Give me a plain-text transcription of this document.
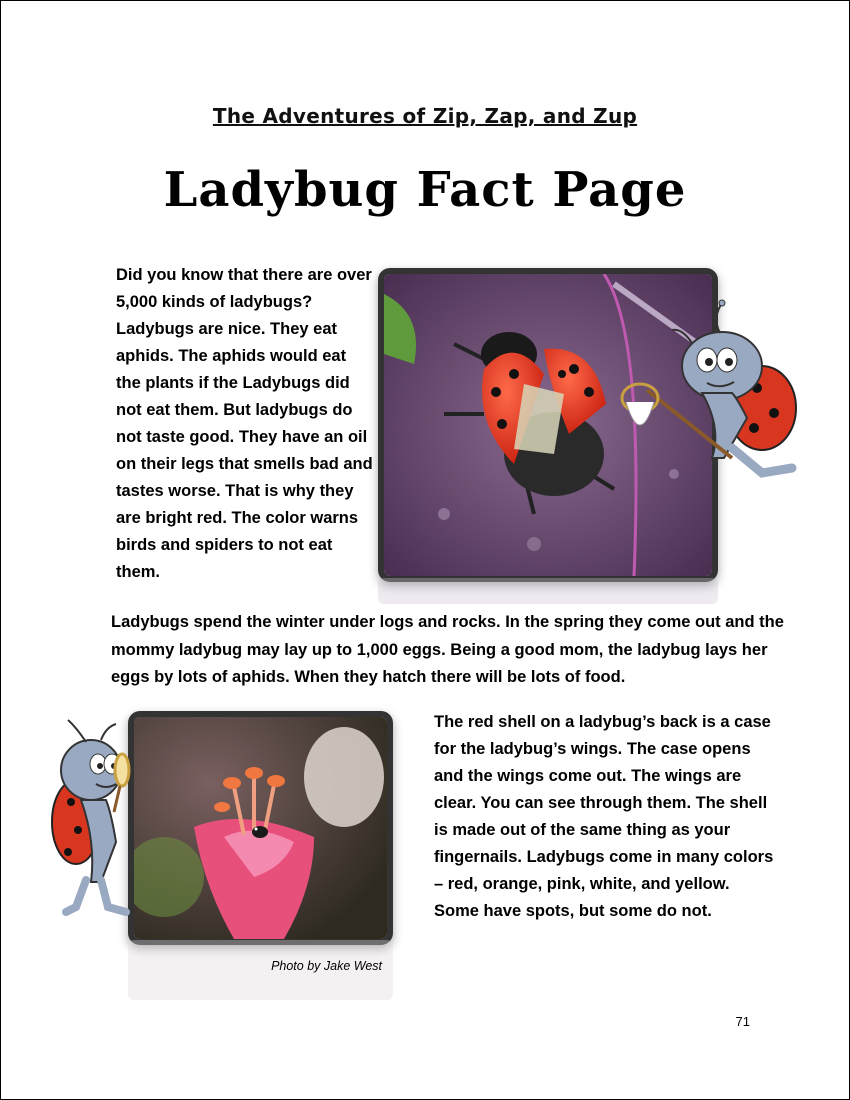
The Adventures of Zip, Zap, and Zup
Ladybug Fact Page
Did you know that there are over 5,000 kinds of ladybugs? Ladybugs are nice. They eat aphids. The aphids would eat the plants if the Ladybugs did not eat them. But ladybugs do not taste good. They have an oil on their legs that smells bad and tastes worse. That is why they are bright red. The color warns birds and spiders to not eat them.
Ladybugs spend the winter under logs and rocks. In the spring they come out and the mommy ladybug may lay up to 1,000 eggs. Being a good mom, the ladybug lays her eggs by lots of aphids. When they hatch there will be lots of food.
Photo by Jake West
The red shell on a ladybug’s back is a case for the ladybug’s wings. The case opens and the wings come out. The wings are clear. You can see through them. The shell is made out of the same thing as your fingernails. Ladybugs come in many colors – red, orange, pink, white, and yellow. Some have spots, but some do not.
71
